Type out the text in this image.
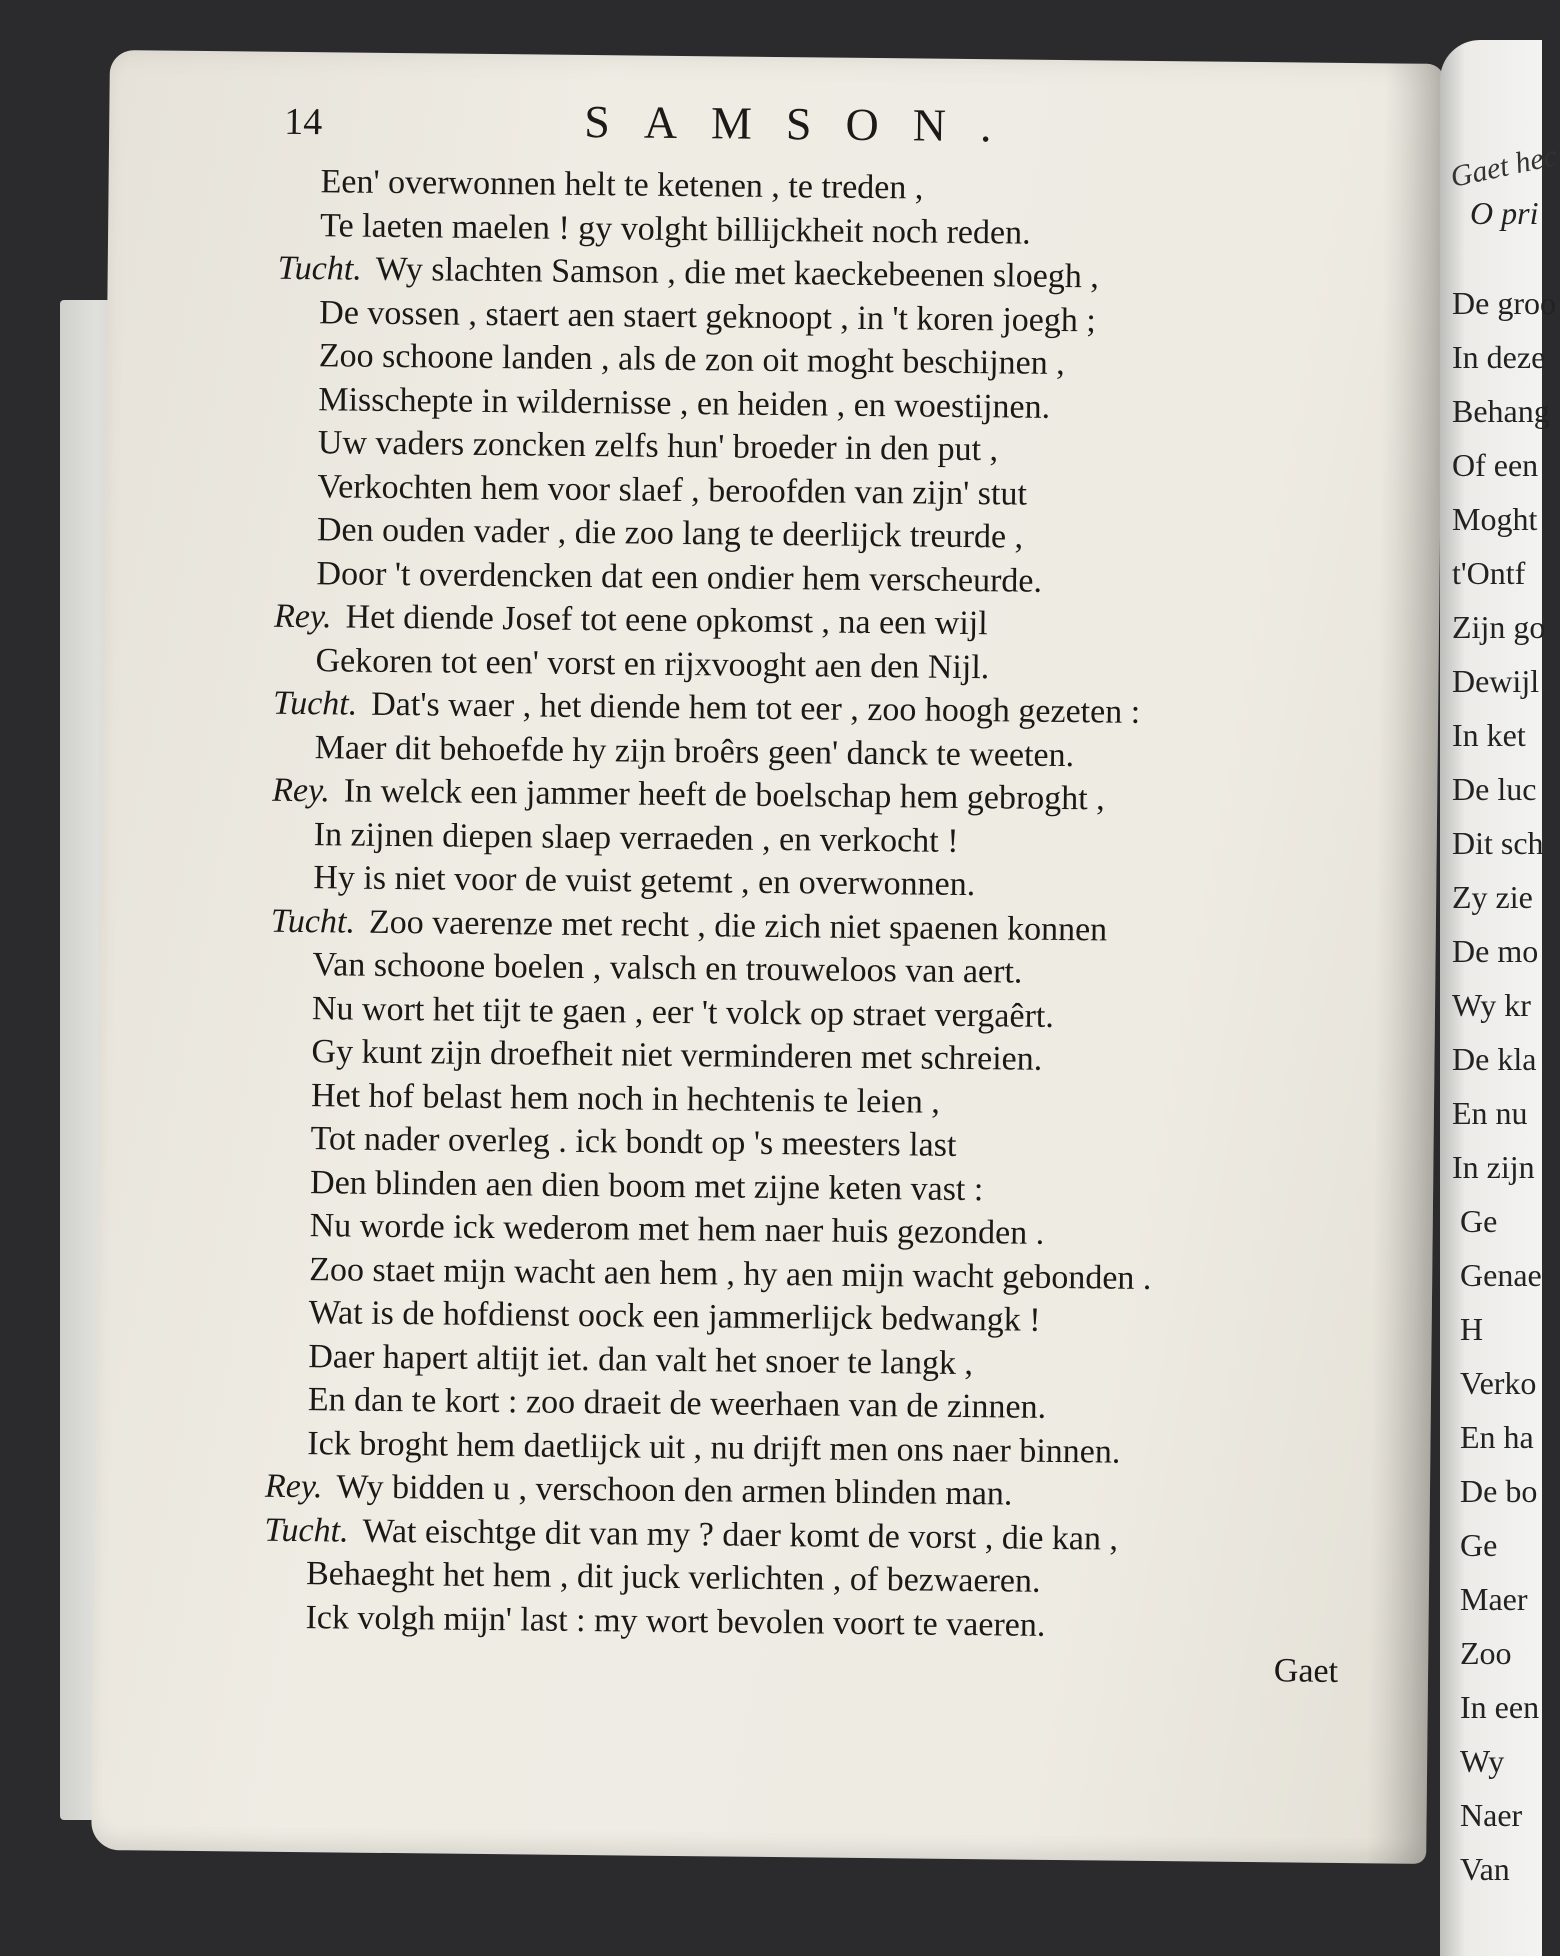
14	SAMSON.
Een' overwonnen helt te ketenen , te treden ,
Te laeten maelen ! gy volght billijckheit noch reden.
Tucht. Wy slachten Samson , die met kaeckebeenen sloegh ,
De vossen , staert aen staert geknoopt , in 't koren joegh ;
Zoo schoone landen , als de zon oit moght beschijnen ,
Misschepte in wildernisse , en heiden , en woestijnen.
Uw vaders zoncken zelfs hun' broeder in den put ,
Verkochten hem voor slaef , beroofden van zijn' stut
Den ouden vader , die zoo lang te deerlijck treurde ,
Door 't overdencken dat een ondier hem verscheurde.
Rey. Het diende Josef tot eene opkomst , na een wijl
Gekoren tot een' vorst en rijxvooght aen den Nijl.
Tucht. Dat's waer , het diende hem tot eer , zoo hoogh gezeten :
Maer dit behoefde hy zijn broêrs geen' danck te weeten.
Rey. In welck een jammer heeft de boelschap hem gebroght ,
In zijnen diepen slaep verraeden , en verkocht !
Hy is niet voor de vuist getemt , en overwonnen.
Tucht. Zoo vaerenze met recht , die zich niet spaenen konnen
Van schoone boelen , valsch en trouweloos van aert.
Nu wort het tijt te gaen , eer 't volck op straet vergaêrt.
Gy kunt zijn droefheit niet verminderen met schreien.
Het hof belast hem noch in hechtenis te leien ,
Tot nader overleg . ick bondt op 's meesters last
Den blinden aen dien boom met zijne keten vast :
Nu worde ick wederom met hem naer huis gezonden .
Zoo staet mijn wacht aen hem , hy aen mijn wacht gebonden .
Wat is de hofdienst oock een jammerlijck bedwangk !
Daer hapert altijt iet. dan valt het snoer te langk ,
En dan te kort : zoo draeit de weerhaen van de zinnen.
Ick broght hem daetlijck uit , nu drijft men ons naer binnen.
Rey. Wy bidden u , verschoon den armen blinden man.
Tucht. Wat eischtge dit van my ? daer komt de vorst , die kan ,
Behaeght het hem , dit juck verlichten , of bezwaeren.
Ick volgh mijn' last : my wort bevolen voort te vaeren.
Gaet
Gaet hec
O pri
De groo
In deze
Behang
Of een
Moght
t'Ontf
Zijn go
Dewijl
In ket
De luc
Dit sch
Zy zie
De mo
Wy kr
De kla
En nu
In zijn
Ge
Genae
H
Verko
En ha
De bo
Ge
Maer
Zoo
In een
Wy
Naer
Van
